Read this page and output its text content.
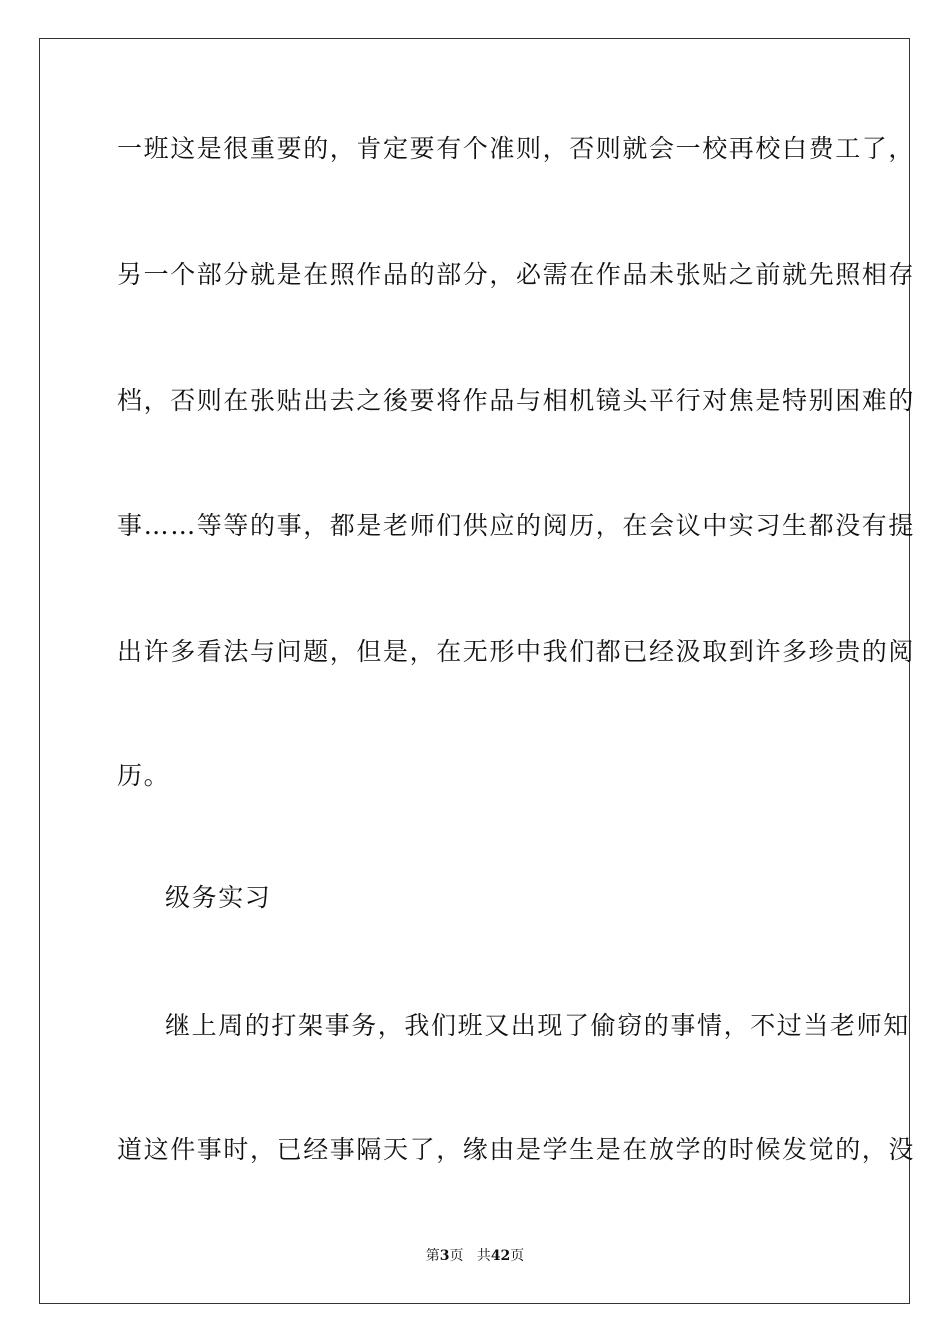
一班这是很重要的，肯定要有个准则，否则就会一校再校白费工了，
另一个部分就是在照作品的部分，必需在作品未张贴之前就先照相存
档，否则在张贴出去之後要将作品与相机镜头平行对焦是特别困难的
事……等等的事，都是老师们供应的阅历，在会议中实习生都没有提
出许多看法与问题，但是，在无形中我们都已经汲取到许多珍贵的阅
历。
级务实习
继上周的打架事务，我们班又出现了偷窃的事情，不过当老师知
道这件事时，已经事隔天了，缘由是学生是在放学的时候发觉的，没
第3页 共42页
